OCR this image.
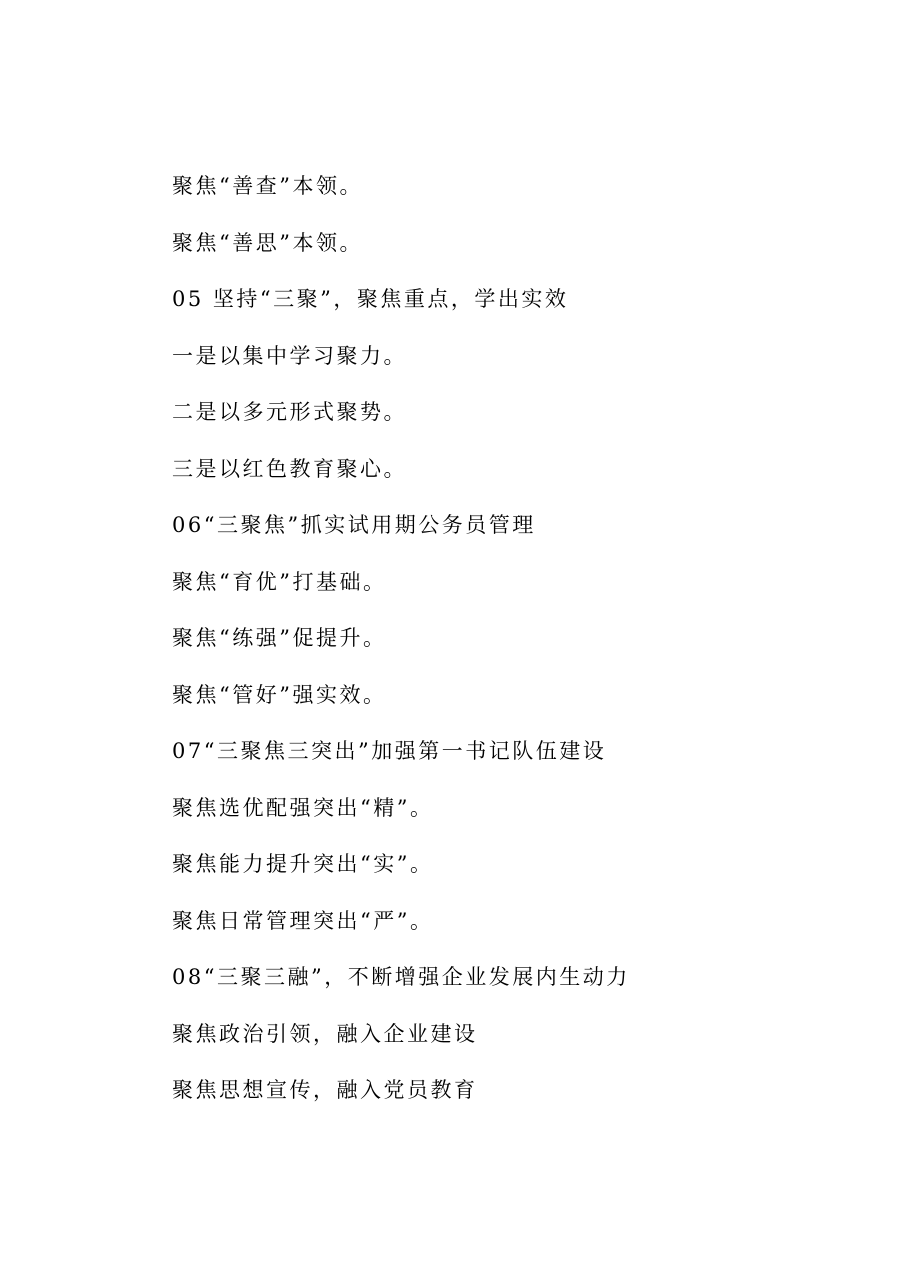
聚焦“善查”本领。
聚焦“善思”本领。
05 坚持“三聚”，聚焦重点，学出实效
一是以集中学习聚力。
二是以多元形式聚势。
三是以红色教育聚心。
06“三聚焦”抓实试用期公务员管理
聚焦“育优”打基础。
聚焦“练强”促提升。
聚焦“管好”强实效。
07“三聚焦三突出”加强第一书记队伍建设
聚焦选优配强突出“精”。
聚焦能力提升突出“实”。
聚焦日常管理突出“严”。
08“三聚三融”，不断增强企业发展内生动力
聚焦政治引领，融入企业建设
聚焦思想宣传，融入党员教育
